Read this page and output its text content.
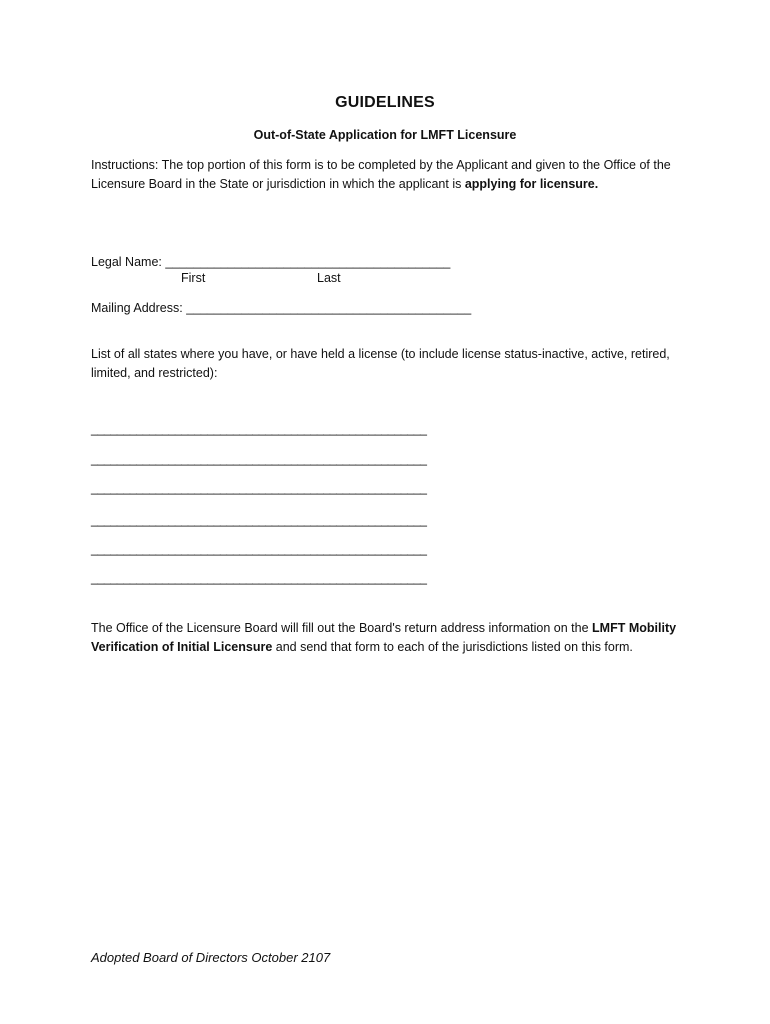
GUIDELINES
Out-of-State Application for LMFT Licensure
Instructions: The top portion of this form is to be completed by the Applicant and given to the Office of the Licensure Board in the State or jurisdiction in which the applicant is applying for licensure.
Legal Name: _________________________________________
First	Last
Mailing Address: _________________________________________
List of all states where you have, or have held a license (to include license status-inactive, active, retired, limited, and restricted):
____________________________________________________
____________________________________________________
____________________________________________________
____________________________________________________
____________________________________________________
____________________________________________________
The Office of the Licensure Board will fill out the Board's return address information on the LMFT Mobility Verification of Initial Licensure and send that form to each of the jurisdictions listed on this form.
Adopted Board of Directors October 2107
